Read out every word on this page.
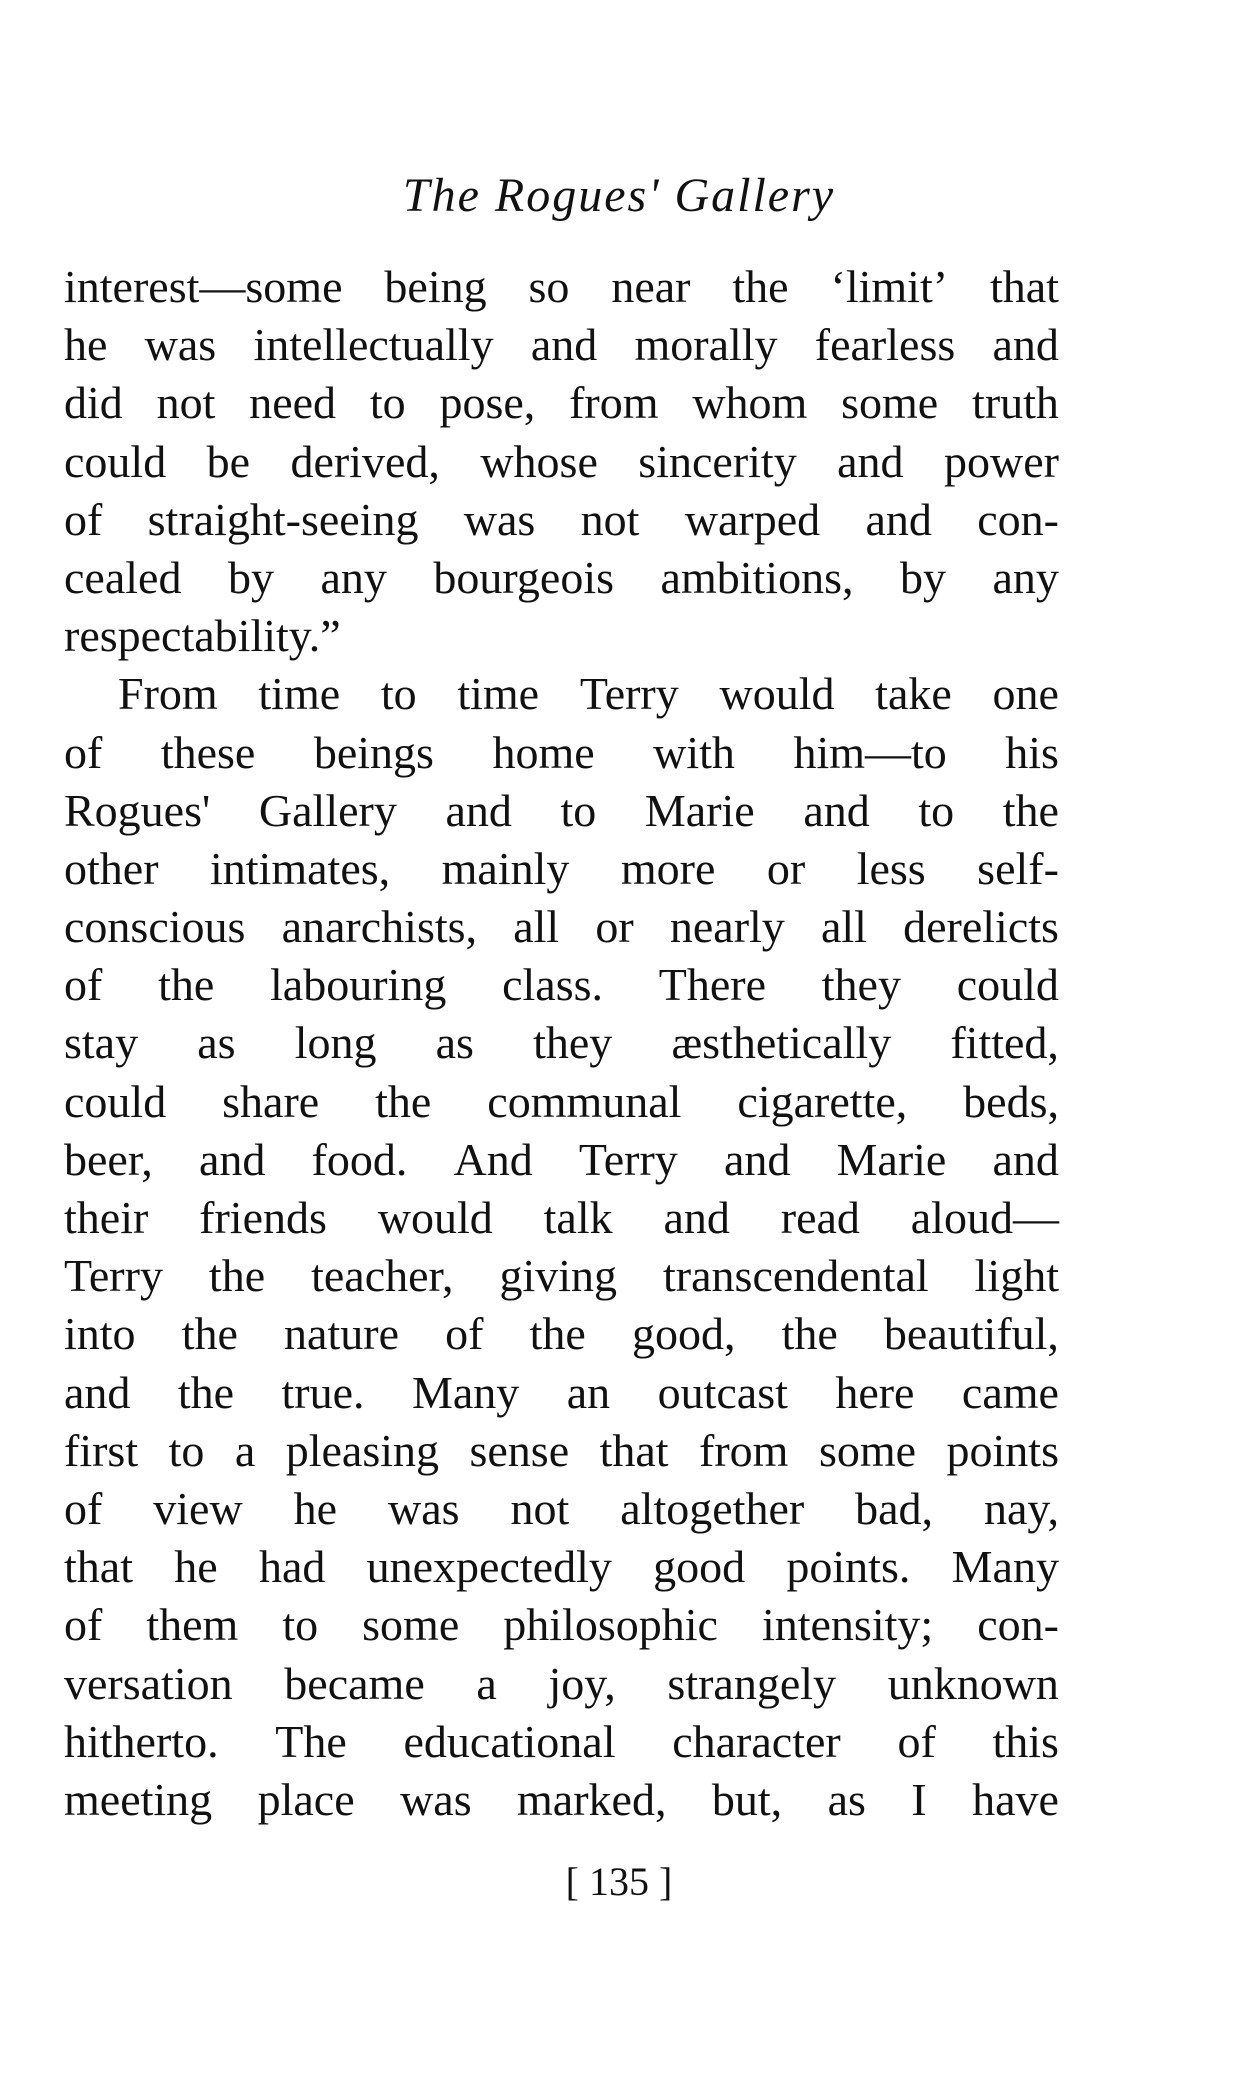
The Rogues' Gallery
interest—some being so near the ‘limit’ that
he was intellectually and morally fearless and
did not need to pose, from whom some truth
could be derived, whose sincerity and power
of straight-seeing was not warped and con-
cealed by any bourgeois ambitions, by any
respectability.”
From time to time Terry would take one
of these beings home with him—to his
Rogues' Gallery and to Marie and to the
other intimates, mainly more or less self-
conscious anarchists, all or nearly all derelicts
of the labouring class. There they could
stay as long as they æsthetically fitted,
could share the communal cigarette, beds,
beer, and food. And Terry and Marie and
their friends would talk and read aloud—
Terry the teacher, giving transcendental light
into the nature of the good, the beautiful,
and the true. Many an outcast here came
first to a pleasing sense that from some points
of view he was not altogether bad, nay,
that he had unexpectedly good points. Many
of them to some philosophic intensity; con-
versation became a joy, strangely unknown
hitherto. The educational character of this
meeting place was marked, but, as I have
[ 135 ]
